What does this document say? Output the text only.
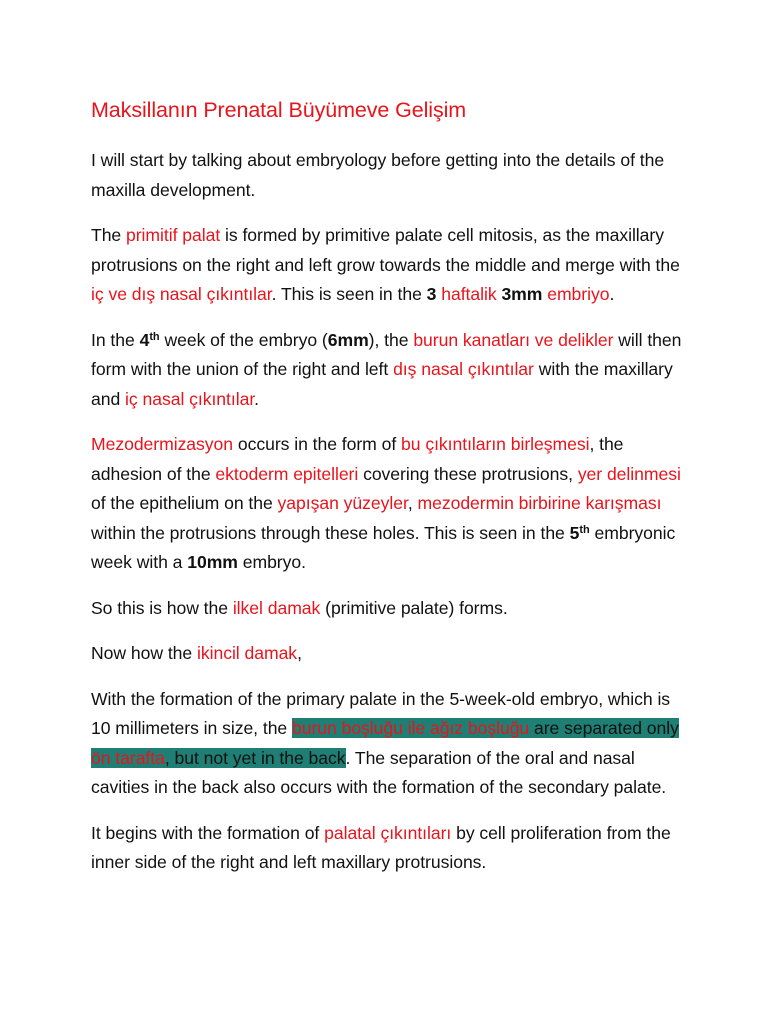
Maksillanın Prenatal Büyümeve Gelişim

I will start by talking about embryology before getting into the details of the maxilla development.

The primitif palat is formed by primitive palate cell mitosis, as the maxillary protrusions on the right and left grow towards the middle and merge with the iç ve dış nasal çıkıntılar. This is seen in the 3 haftalik 3mm embriyo.

In the 4th week of the embryo (6mm), the burun kanatları ve delikler will then form with the union of the right and left dış nasal çıkıntılar with the maxillary and iç nasal çıkıntılar.

Mezodermizasyon occurs in the form of bu çıkıntıların birleşmesi, the adhesion of the ektoderm epitelleri covering these protrusions, yer delinmesi of the epithelium on the yapışan yüzeyler, mezodermin birbirine karışması within the protrusions through these holes. This is seen in the 5th embryonic week with a 10mm embryo.

So this is how the ilkel damak (primitive palate) forms.

Now how the ikincil damak,

With the formation of the primary palate in the 5-week-old embryo, which is 10 millimeters in size, the burun boşluğu ile ağız boşluğu are separated only ön tarafta, but not yet in the back. The separation of the oral and nasal cavities in the back also occurs with the formation of the secondary palate.

It begins with the formation of palatal çıkıntıları by cell proliferation from the inner side of the right and left maxillary protrusions.
